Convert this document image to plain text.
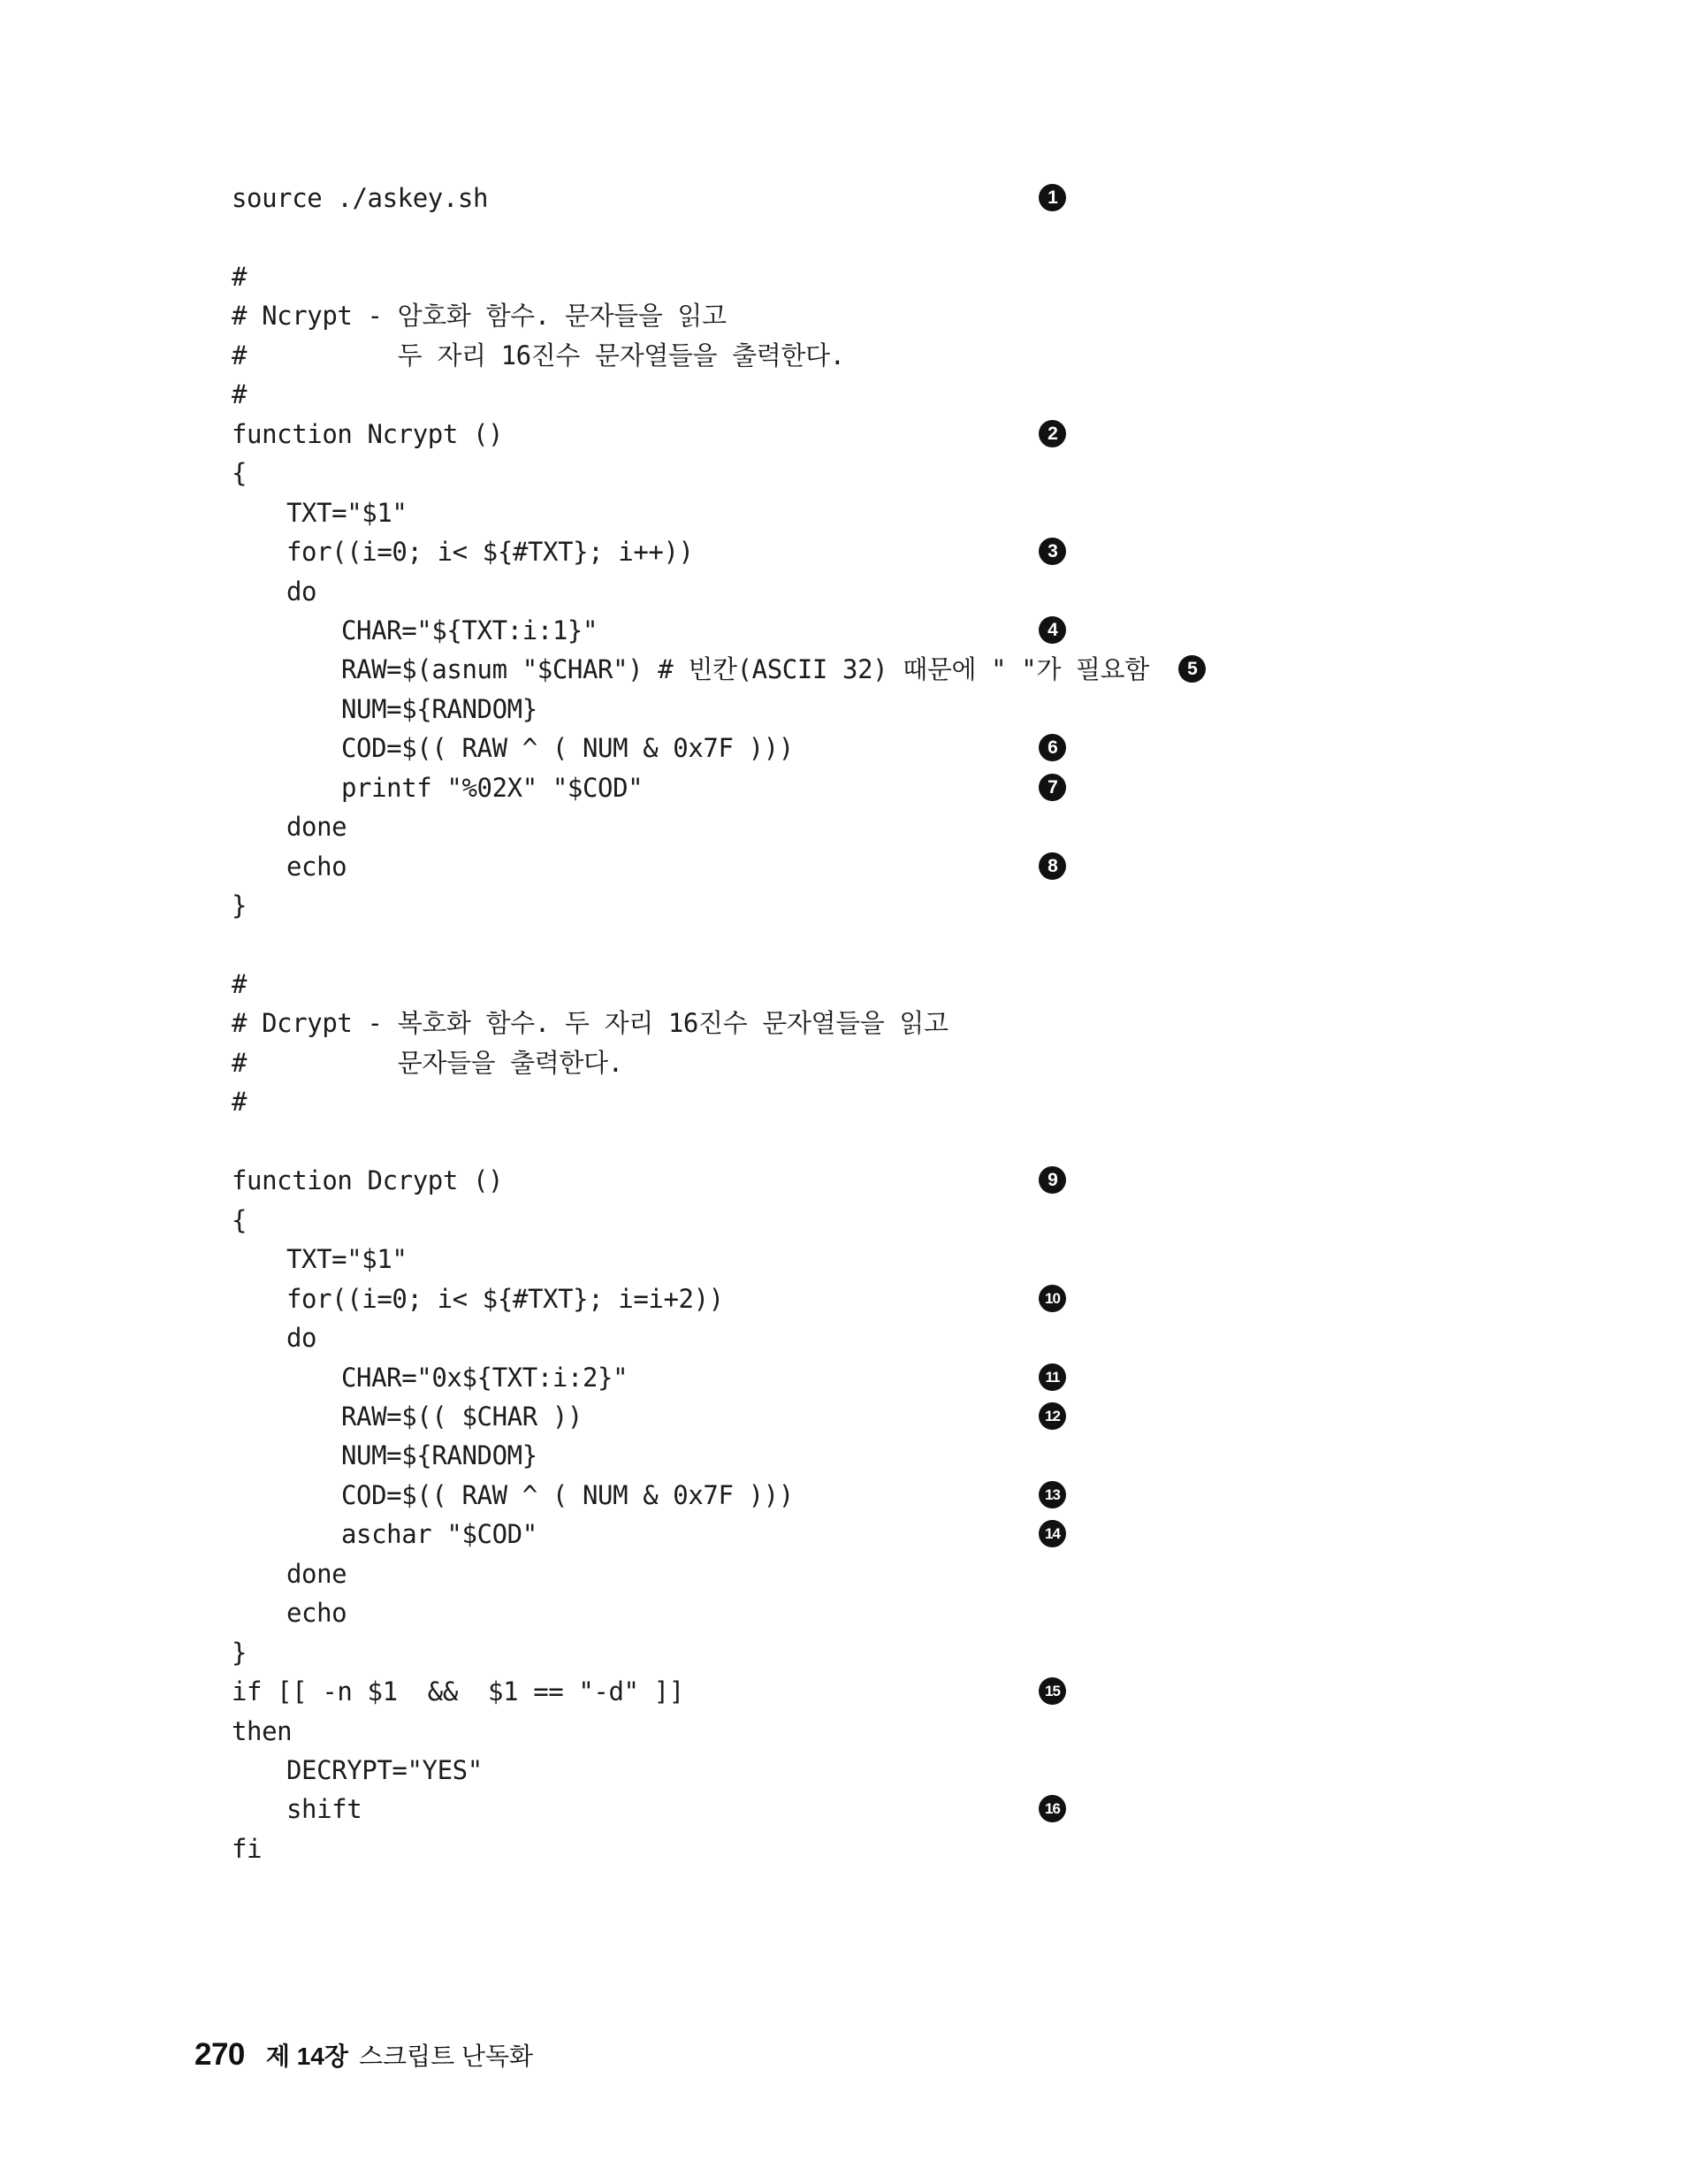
source ./askey.sh	1
#
# Ncrypt - 암호화 함수. 문자들을 읽고
#          두 자리 16진수 문자열들을 출력한다.
#
function Ncrypt ()	2
{
TXT="$1"
for((i=0; i< ${#TXT}; i++))	3
do
CHAR="${TXT:i:1}"	4
RAW=$(asnum "$CHAR") # 빈칸(ASCII 32) 때문에 " "가 필요함	5
NUM=${RANDOM}
COD=$(( RAW ^ ( NUM & 0x7F )))	6
printf "%02X" "$COD"	7
done
echo	8
}
#
# Dcrypt - 복호화 함수. 두 자리 16진수 문자열들을 읽고
#          문자들을 출력한다.
#
function Dcrypt ()	9
{
TXT="$1"
for((i=0; i< ${#TXT}; i=i+2))	10
do
CHAR="0x${TXT:i:2}"	11
RAW=$(( $CHAR ))	12
NUM=${RANDOM}
COD=$(( RAW ^ ( NUM & 0x7F )))	13
aschar "$COD"	14
done
echo
}
if [[ -n $1  &&  $1 == "-d" ]]	15
then
DECRYPT="YES"
shift	16
fi
270 제 14장 스크립트 난독화
